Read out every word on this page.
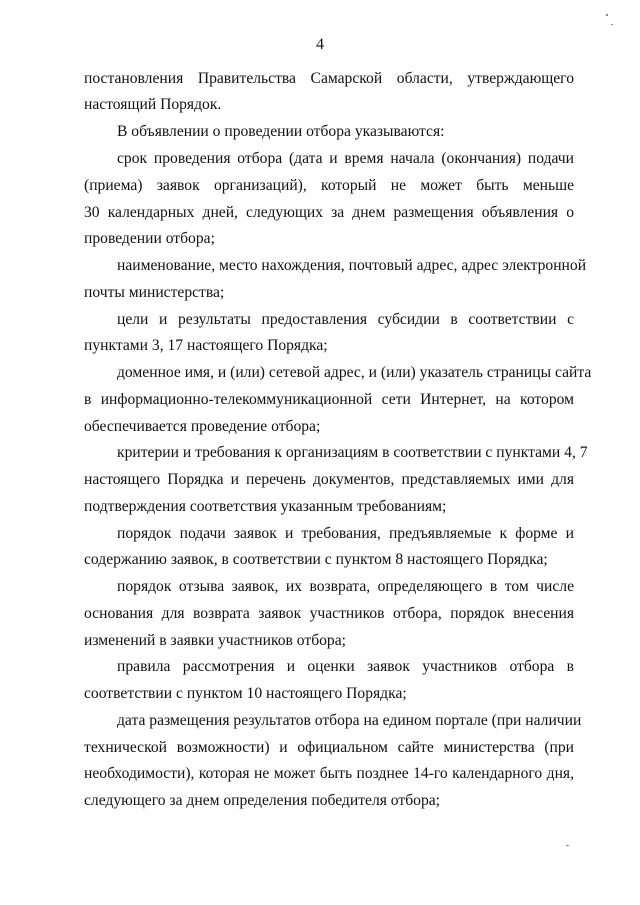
4
постановления Правительства Самарской области, утверждающего
настоящий Порядок.
В объявлении о проведении отбора указываются:
срок проведения отбора (дата и время начала (окончания) подачи
(приема) заявок организаций), который не может быть меньше
30 календарных дней, следующих за днем размещения объявления о
проведении отбора;
наименование, место нахождения, почтовый адрес, адрес электронной
почты министерства;
цели и результаты предоставления субсидии в соответствии с
пунктами 3, 17 настоящего Порядка;
доменное имя, и (или) сетевой адрес, и (или) указатель страницы сайта
в информационно-телекоммуникационной сети Интернет, на котором
обеспечивается проведение отбора;
критерии и требования к организациям в соответствии с пунктами 4, 7
настоящего Порядка и перечень документов, представляемых ими для
подтверждения соответствия указанным требованиям;
порядок подачи заявок и требования, предъявляемые к форме и
содержанию заявок, в соответствии с пунктом 8 настоящего Порядка;
порядок отзыва заявок, их возврата, определяющего в том числе
основания для возврата заявок участников отбора, порядок внесения
изменений в заявки участников отбора;
правила рассмотрения и оценки заявок участников отбора в
соответствии с пунктом 10 настоящего Порядка;
дата размещения результатов отбора на едином портале (при наличии
технической возможности) и официальном сайте министерства (при
необходимости), которая не может быть позднее 14-го календарного дня,
следующего за днем определения победителя отбора;
